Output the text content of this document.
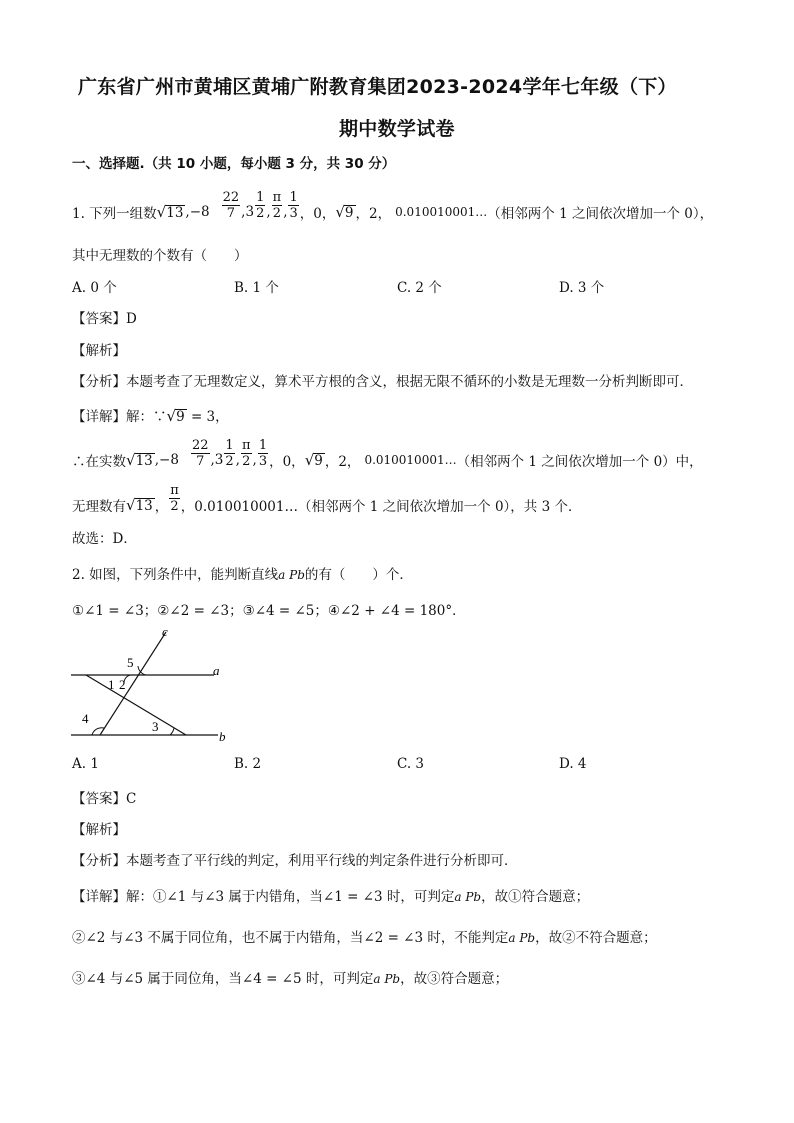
广东省广州市黄埔区黄埔广附教育集团2023-2024学年七年级（下）
期中数学试卷
一、选择题.（共 10 小题，每小题 3 分，共 30 分）
1. 下列一组数 √13 $,-8 \frac{22}{7} ,3 \frac{1}{2}$ , $\frac{\pi}{2}$ , $\frac{1}{3}$ ，0， √9 ，2， 0.010010001… （相邻两个 1 之间依次增加一个 0），
其中无理数的个数有（　　）
A. 0 个	B. 1 个	C. 2 个	D. 3 个
【答案】D
【解析】
【分析】本题考查了无理数定义，算术平方根的含义，根据无限不循环的小数是无理数一分析判断即可．
【详解】解：∵√9 = 3，
∴在实数 √13 $,-8 \frac{22}{7} ,3 \frac{1}{2}$ , $\frac{\pi}{2}$ , $\frac{1}{3}$ ，0， √9 ，2， 0.010010001… （相邻两个 1 之间依次增加一个 0）中，
无理数有 √13 ， $\frac{\pi}{2}$ ，0.010010001…（相邻两个 1 之间依次增加一个 0），共 3 个．
故选：D．
2. 如图，下列条件中，能判断直线a Pb的有（　　）个．
①∠1 = ∠3；②∠2 = ∠3；③∠4 = ∠5；④∠2 + ∠4 = 180°．
c
a
b
1 2
3
4
5
A. 1	B. 2	C. 3	D. 4
【答案】C
【解析】
【分析】本题考查了平行线的判定，利用平行线的判定条件进行分析即可．
【详解】解：①∠1 与∠3 属于内错角，当∠1 = ∠3 时，可判定a Pb，故①符合题意；
②∠2 与∠3 不属于同位角，也不属于内错角，当∠2 = ∠3 时，不能判定a Pb，故②不符合题意；
③∠4 与∠5 属于同位角，当∠4 = ∠5 时，可判定a Pb，故③符合题意；
